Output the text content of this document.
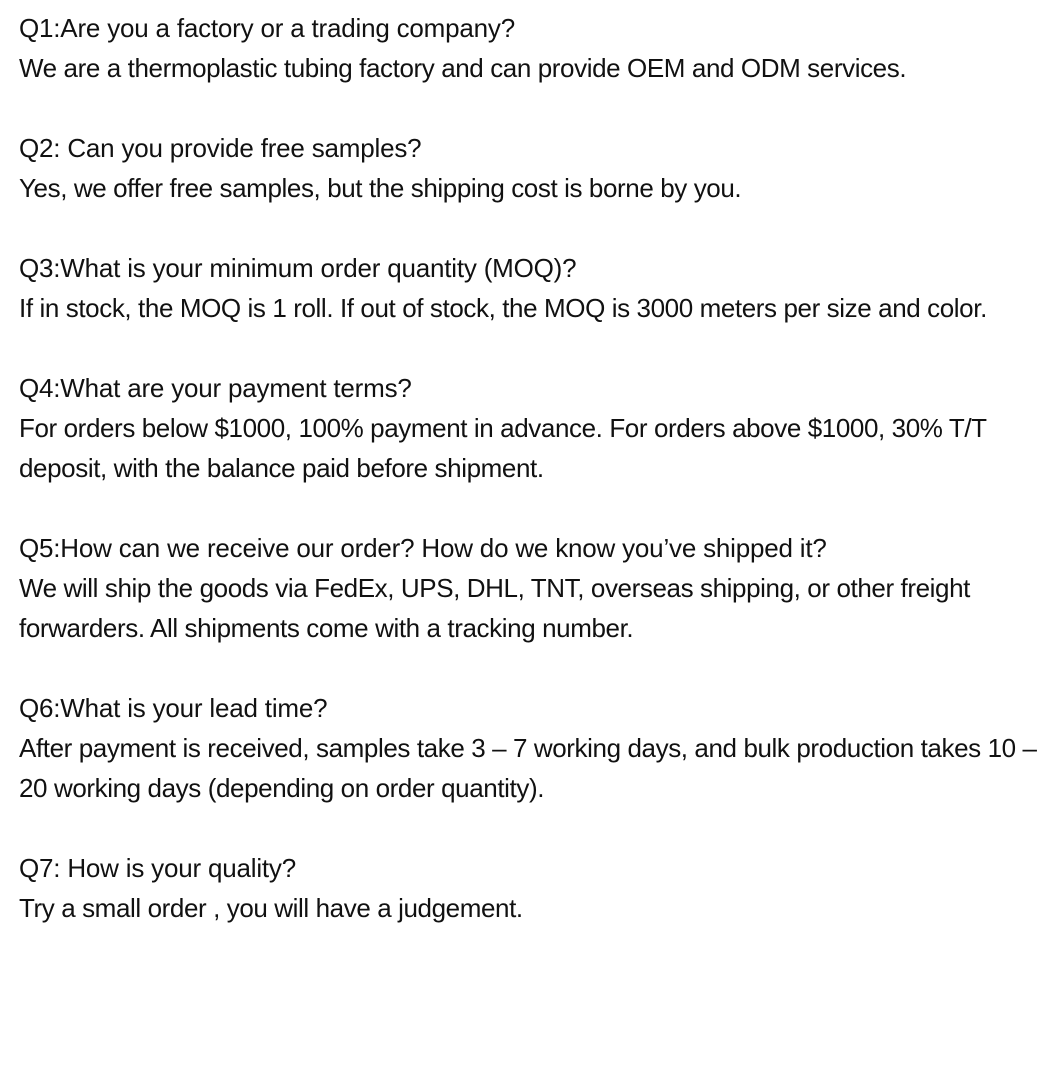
Q1:Are you a factory or a trading company?

We are a thermoplastic tubing factory and can provide OEM and ODM services.

Q2: Can you provide free samples?

Yes, we offer free samples, but the shipping cost is borne by you.

Q3:What is your minimum order quantity (MOQ)?

If in stock, the MOQ is 1 roll. If out of stock, the MOQ is 3000 meters per size and color.

Q4:What are your payment terms?

For orders below $1000, 100% payment in advance. For orders above $1000, 30% T/T deposit, with the balance paid before shipment.

Q5:How can we receive our order? How do we know you’ve shipped it?

We will ship the goods via FedEx, UPS, DHL, TNT, overseas shipping, or other freight forwarders. All shipments come with a tracking number.

Q6:What is your lead time?

After payment is received, samples take 3 – 7 working days, and bulk production takes 10 – 20 working days (depending on order quantity).

Q7: How is your quality?

Try a small order , you will have a judgement.
